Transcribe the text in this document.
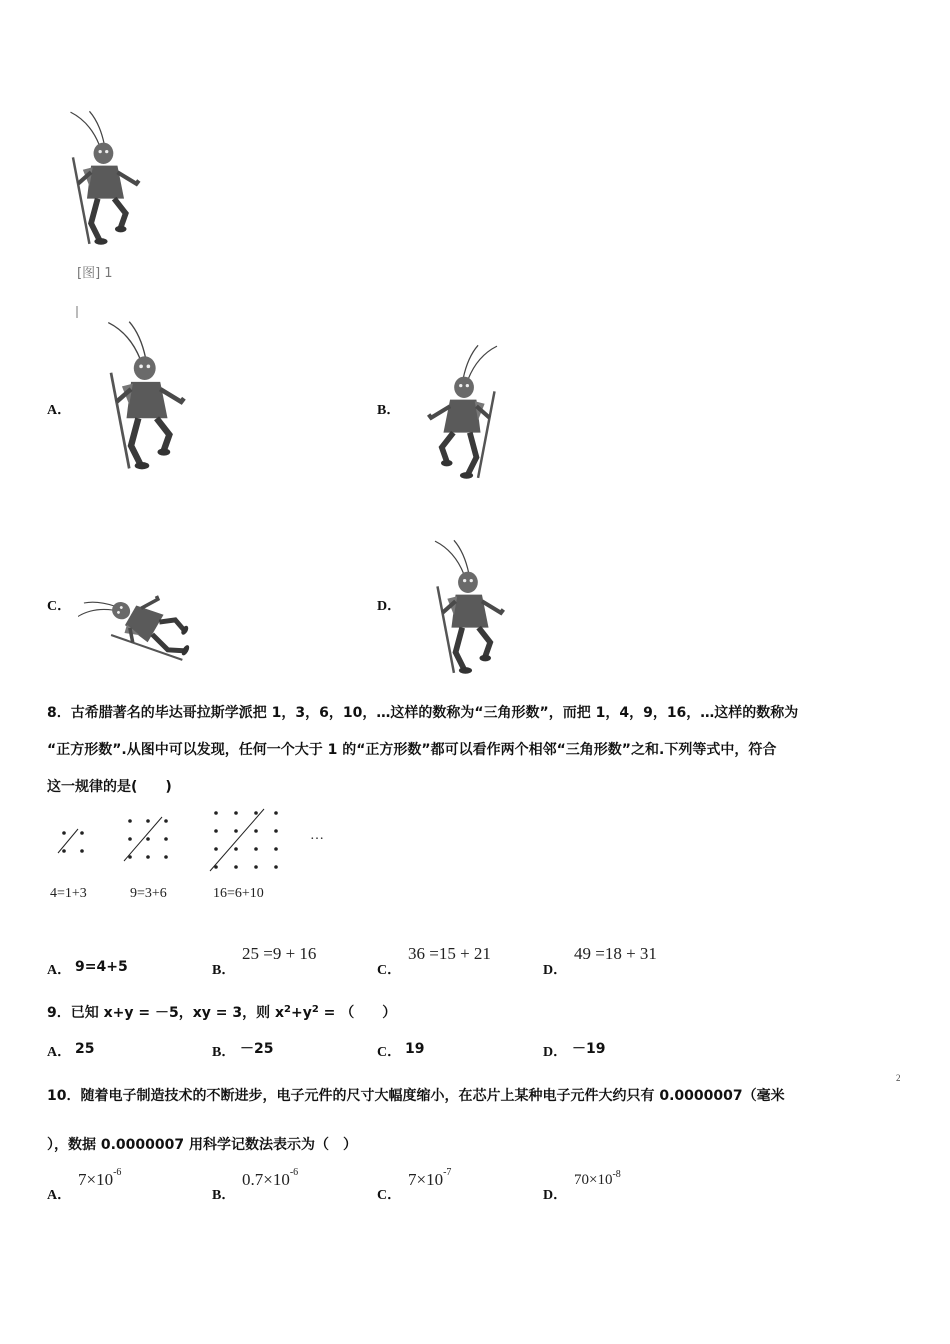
[图] 1
A．	B．
C．	D．
8．古希腊著名的毕达哥拉斯学派把 1，3，6，10，…这样的数称为“三角形数”，而把 1，4，9，16，…这样的数称为
“正方形数”.从图中可以发现，任何一个大于 1 的“正方形数”都可以看作两个相邻“三角形数”之和.下列等式中，符合
这一规律的是(　　)
…
4=1+3	9=3+6	16=6+10
A． 9=4+5	B．
25 =9 + 16
C．
36 =15 + 21
D．
49 =18 + 31
9．已知 x+y = －5，xy = 3，则 $x^2+y^2$ = （　　）
A． 25	B． －25	C． 19	D． －19
10．随着电子制造技术的不断进步，电子元件的尺寸大幅度缩小，在芯片上某种电子元件大约只有 0.0000007（毫米
2
），数据 0.0000007 用科学记数法表示为（　）
A．
$7\times 10^{-6}$
B．
$0.7\times 10^{-6}$
C．
$7\times 10^{-7}$
D．
$70\times 10^{-8}$
